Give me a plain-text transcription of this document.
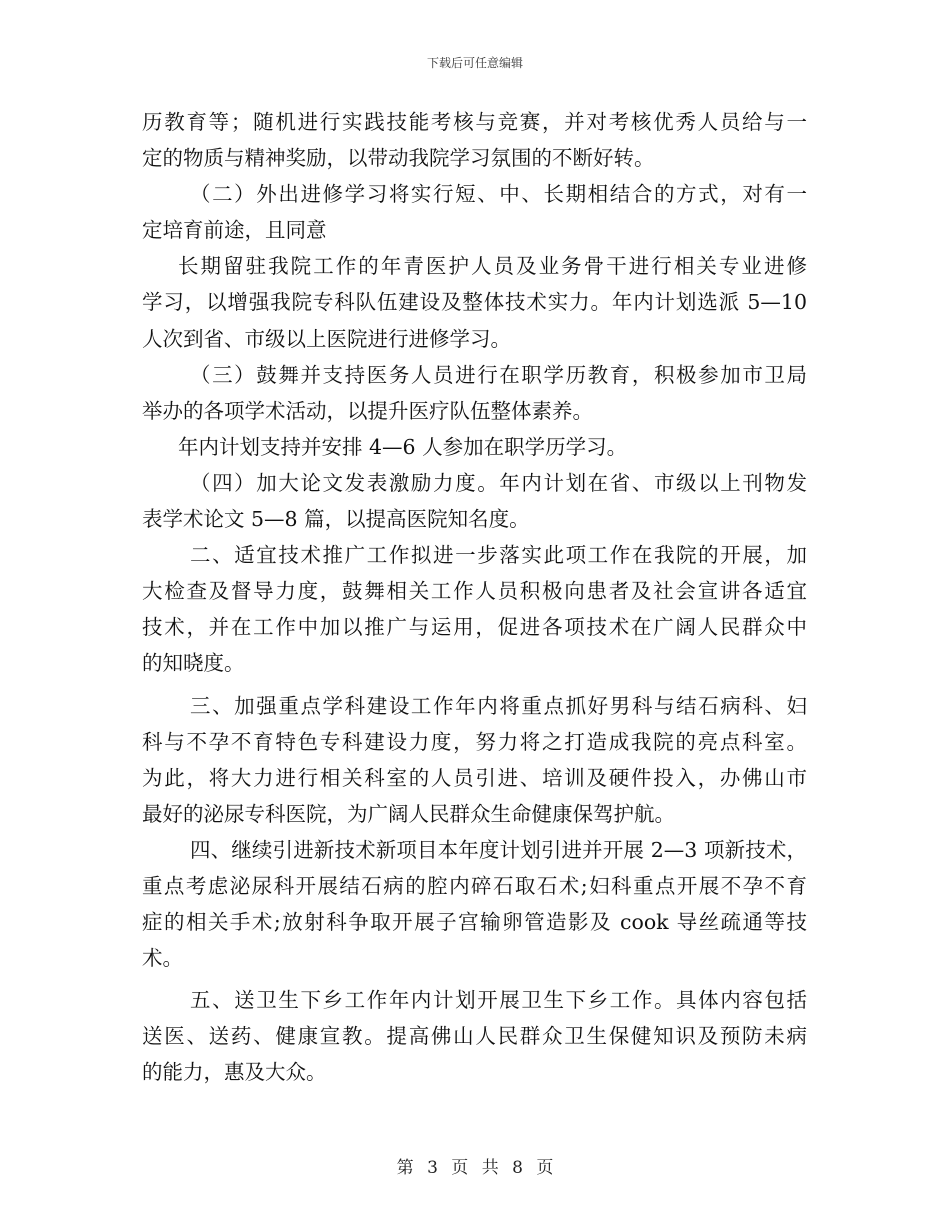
下载后可任意编辑
历教育等；随机进行实践技能考核与竞赛，并对考核优秀人员给与一
定的物质与精神奖励，以带动我院学习氛围的不断好转。
（二）外出进修学习将实行短、中、长期相结合的方式，对有一
定培育前途，且同意
长期留驻我院工作的年青医护人员及业务骨干进行相关专业进修
学习，以增强我院专科队伍建设及整体技术实力。年内计划选派 5—10
人次到省、市级以上医院进行进修学习。
（三）鼓舞并支持医务人员进行在职学历教育，积极参加市卫局
举办的各项学术活动，以提升医疗队伍整体素养。
年内计划支持并安排 4—6 人参加在职学历学习。
（四）加大论文发表激励力度。年内计划在省、市级以上刊物发
表学术论文 5—8 篇，以提高医院知名度。
二、适宜技术推广工作拟进一步落实此项工作在我院的开展，加
大检查及督导力度，鼓舞相关工作人员积极向患者及社会宣讲各适宜
技术，并在工作中加以推广与运用，促进各项技术在广阔人民群众中
的知晓度。
三、加强重点学科建设工作年内将重点抓好男科与结石病科、妇
科与不孕不育特色专科建设力度，努力将之打造成我院的亮点科室。
为此，将大力进行相关科室的人员引进、培训及硬件投入，办佛山市
最好的泌尿专科医院，为广阔人民群众生命健康保驾护航。
四、继续引进新技术新项目本年度计划引进并开展 2—3 项新技术，
重点考虑泌尿科开展结石病的腔内碎石取石术;妇科重点开展不孕不育
症的相关手术;放射科争取开展子宫输卵管造影及 cook 导丝疏通等技
术。
五、送卫生下乡工作年内计划开展卫生下乡工作。具体内容包括
送医、送药、健康宣教。提高佛山人民群众卫生保健知识及预防未病
的能力，惠及大众。
第 3 页 共 8 页
